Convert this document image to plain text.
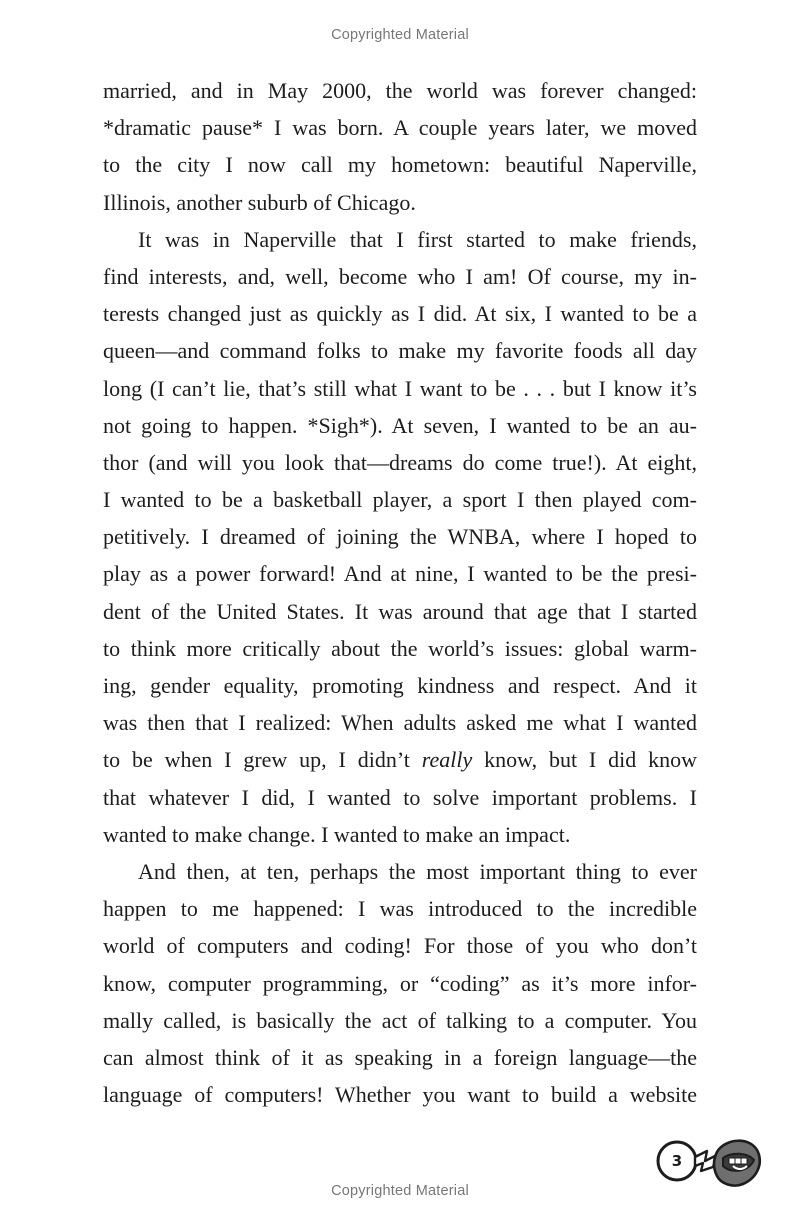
Copyrighted Material
married, and in May 2000, the world was forever changed:
*dramatic pause* I was born. A couple years later, we moved
to the city I now call my hometown: beautiful Naperville,
Illinois, another suburb of Chicago.
It was in Naperville that I first started to make friends,
find interests, and, well, become who I am! Of course, my in-
terests changed just as quickly as I did. At six, I wanted to be a
queen—and command folks to make my favorite foods all day
long (I can’t lie, that’s still what I want to be . . . but I know it’s
not going to happen. *Sigh*). At seven, I wanted to be an au-
thor (and will you look that—dreams do come true!). At eight,
I wanted to be a basketball player, a sport I then played com-
petitively. I dreamed of joining the WNBA, where I hoped to
play as a power forward! And at nine, I wanted to be the presi-
dent of the United States. It was around that age that I started
to think more critically about the world’s issues: global warm-
ing, gender equality, promoting kindness and respect. And it
was then that I realized: When adults asked me what I wanted
to be when I grew up, I didn’t really know, but I did know
that whatever I did, I wanted to solve important problems. I
wanted to make change. I wanted to make an impact.
And then, at ten, perhaps the most important thing to ever
happen to me happened: I was introduced to the incredible
world of computers and coding! For those of you who don’t
know, computer programming, or “coding” as it’s more infor-
mally called, is basically the act of talking to a computer. You
can almost think of it as speaking in a foreign language—the
language of computers! Whether you want to build a website
3
Copyrighted Material
